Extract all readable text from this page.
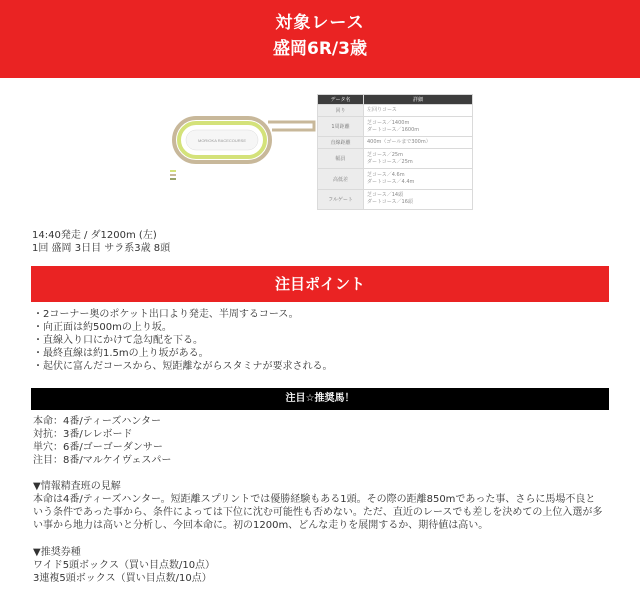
対象レース
盛岡6R/3歳
MORIOKA RACECOURSE
データ名	詳細
回り	左回りコース
1周距離	芝コース／1400m
ダートコース／1600m
直線距離	400m（ゴールまで300m）
幅員	芝コース／25m
ダートコース／25m
高低差	芝コース／4.6m
ダートコース／4.4m
フルゲート	芝コース／14頭
ダートコース／16頭
14:40発走 / ダ1200m (左)
1回 盛岡 3日目 サラ系3歳 8頭
注目ポイント
・2コーナー奥のポケット出口より発走、半周するコース。
・向正面は約500mの上り坂。
・直線入り口にかけて急勾配を下る。
・最終直線は約1.5mの上り坂がある。
・起伏に富んだコースから、短距離ながらスタミナが要求される。
注目☆推奨馬！
本命：4番/ティーズハンター
対抗：3番/レレボード
単穴：6番/ゴーゴーダンサー
注目：8番/マルケイヴェスパー
▼情報精査班の見解
本命は4番/ティーズハンター。短距離スプリントでは優勝経験もある1頭。その際の距離850mであった事、さらに馬場不良と
いう条件であった事から、条件によっては下位に沈む可能性も否めない。ただ、直近のレースでも差しを決めての上位入選が多
い事から地力は高いと分析し、今回本命に。初の1200m、どんな走りを展開するか、期待値は高い。
▼推奨券種
ワイド5頭ボックス（買い目点数/10点）
3連複5頭ボックス（買い目点数/10点）
